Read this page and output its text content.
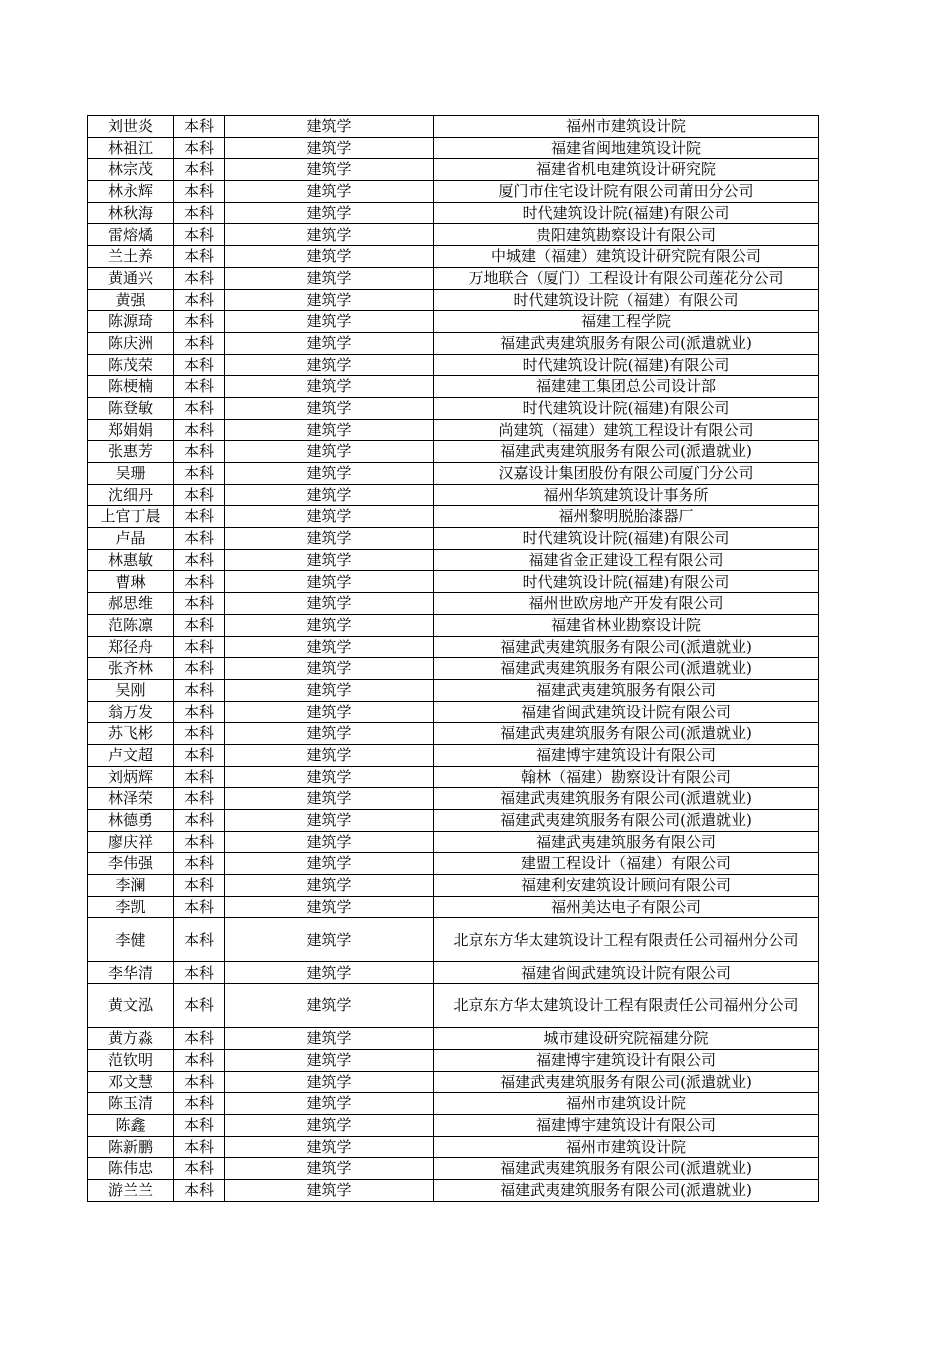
刘世炎	本科	建筑学	福州市建筑设计院
林祖江	本科	建筑学	福建省闽地建筑设计院
林宗茂	本科	建筑学	福建省机电建筑设计研究院
林永辉	本科	建筑学	厦门市住宅设计院有限公司莆田分公司
林秋海	本科	建筑学	时代建筑设计院(福建)有限公司
雷熔燏	本科	建筑学	贵阳建筑勘察设计有限公司
兰土养	本科	建筑学	中城建（福建）建筑设计研究院有限公司
黄通兴	本科	建筑学	万地联合（厦门）工程设计有限公司莲花分公司
黄强	本科	建筑学	时代建筑设计院（福建）有限公司
陈源琦	本科	建筑学	福建工程学院
陈庆洲	本科	建筑学	福建武夷建筑服务有限公司(派遣就业)
陈茂荣	本科	建筑学	时代建筑设计院(福建)有限公司
陈梗楠	本科	建筑学	福建建工集团总公司设计部
陈登敏	本科	建筑学	时代建筑设计院(福建)有限公司
郑娟娟	本科	建筑学	尚建筑（福建）建筑工程设计有限公司
张惠芳	本科	建筑学	福建武夷建筑服务有限公司(派遣就业)
吴珊	本科	建筑学	汉嘉设计集团股份有限公司厦门分公司
沈细丹	本科	建筑学	福州华筑建筑设计事务所
上官丁晨	本科	建筑学	福州黎明脱胎漆器厂
卢晶	本科	建筑学	时代建筑设计院(福建)有限公司
林惠敏	本科	建筑学	福建省金正建设工程有限公司
曹琳	本科	建筑学	时代建筑设计院(福建)有限公司
郝思维	本科	建筑学	福州世欧房地产开发有限公司
范陈凛	本科	建筑学	福建省林业勘察设计院
郑径舟	本科	建筑学	福建武夷建筑服务有限公司(派遣就业)
张齐林	本科	建筑学	福建武夷建筑服务有限公司(派遣就业)
吴刚	本科	建筑学	福建武夷建筑服务有限公司
翁万发	本科	建筑学	福建省闽武建筑设计院有限公司
苏飞彬	本科	建筑学	福建武夷建筑服务有限公司(派遣就业)
卢文超	本科	建筑学	福建博宇建筑设计有限公司
刘炳辉	本科	建筑学	翰林（福建）勘察设计有限公司
林泽荣	本科	建筑学	福建武夷建筑服务有限公司(派遣就业)
林德勇	本科	建筑学	福建武夷建筑服务有限公司(派遣就业)
廖庆祥	本科	建筑学	福建武夷建筑服务有限公司
李伟强	本科	建筑学	建盟工程设计（福建）有限公司
李澜	本科	建筑学	福建利安建筑设计顾问有限公司
李凯	本科	建筑学	福州美达电子有限公司
李健	本科	建筑学	北京东方华太建筑设计工程有限责任公司福州分公司
李华清	本科	建筑学	福建省闽武建筑设计院有限公司
黄文泓	本科	建筑学	北京东方华太建筑设计工程有限责任公司福州分公司
黄方淼	本科	建筑学	城市建设研究院福建分院
范钦明	本科	建筑学	福建博宇建筑设计有限公司
邓文慧	本科	建筑学	福建武夷建筑服务有限公司(派遣就业)
陈玉清	本科	建筑学	福州市建筑设计院
陈鑫	本科	建筑学	福建博宇建筑设计有限公司
陈新鹏	本科	建筑学	福州市建筑设计院
陈伟忠	本科	建筑学	福建武夷建筑服务有限公司(派遣就业)
游兰兰	本科	建筑学	福建武夷建筑服务有限公司(派遣就业)
